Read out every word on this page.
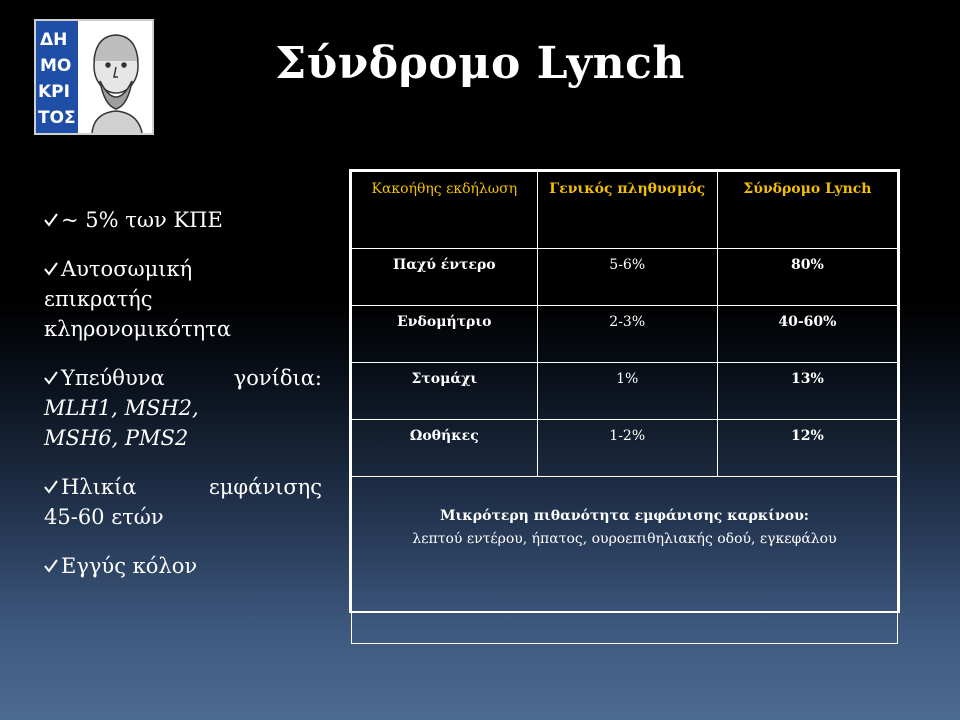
ΔΗ
ΜΟ
ΚΡΙ
ΤΟΣ
Σύνδρομο Lynch
~ 5% των ΚΠΕ
Αυτοσωμική
επικρατής
κληρονομικότητα
Υπεύθυνα	γονίδια:
MLH1, MSH2,
MSH6, PMS2
Ηλικία	εμφάνισης
45-60 ετών
Εγγύς κόλον
Κακοήθης εκδήλωση	Γενικός πληθυσμός	Σύνδρομο Lynch
Παχύ έντερο	5-6%	80%
Ενδομήτριο	2-3%	40-60%
Στομάχι	1%	13%
Ωοθήκες	1-2%	12%

Μικρότερη πιθανότητα εμφάνισης καρκίνου:
λεπτού εντέρου, ήπατος, ουροεπιθηλιακής οδού, εγκεφάλου		
